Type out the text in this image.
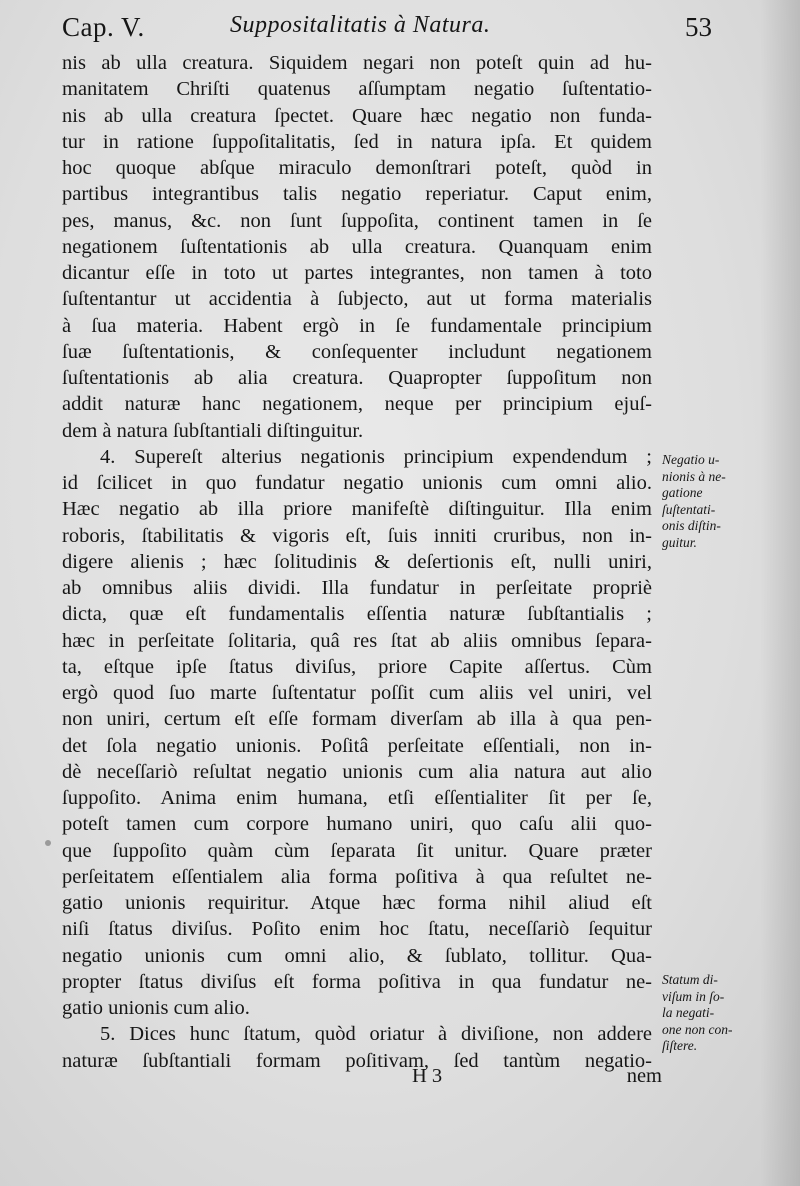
Cap. V.	Suppositalitatis à Natura.	53
nis ab ulla creatura. Siquidem negari non poteſt quin ad hu-
manitatem Chriſti quatenus aſſumptam negatio ſuſtentatio-
nis ab ulla creatura ſpectet. Quare hæc negatio non funda-
tur in ratione ſuppoſitalitatis, ſed in natura ipſa. Et quidem
hoc quoque abſque miraculo demonſtrari poteſt, quòd in
partibus integrantibus talis negatio reperiatur. Caput enim,
pes, manus, &c. non ſunt ſuppoſita, continent tamen in ſe
negationem ſuſtentationis ab ulla creatura. Quanquam enim
dicantur eſſe in toto ut partes integrantes, non tamen à toto
ſuſtentantur ut accidentia à ſubjecto, aut ut forma materialis
à ſua materia. Habent ergò in ſe fundamentale principium
ſuæ ſuſtentationis, & conſequenter includunt negationem
ſuſtentationis ab alia creatura. Quapropter ſuppoſitum non
addit naturæ hanc negationem, neque per principium ejuſ-
dem à natura ſubſtantiali diſtinguitur.
4. Supereſt alterius negationis principium expendendum ;
id ſcilicet in quo fundatur negatio unionis cum omni alio.
Hæc negatio ab illa priore manifeſtè diſtinguitur. Illa enim
roboris, ſtabilitatis & vigoris eſt, ſuis inniti cruribus, non in-
digere alienis ; hæc ſolitudinis & deſertionis eſt, nulli uniri,
ab omnibus aliis dividi. Illa fundatur in perſeitate propriè
dicta, quæ eſt fundamentalis eſſentia naturæ ſubſtantialis ;
hæc in perſeitate ſolitaria, quâ res ſtat ab aliis omnibus ſepara-
ta, eſtque ipſe ſtatus diviſus, priore Capite aſſertus. Cùm
ergò quod ſuo marte ſuſtentatur poſſit cum aliis vel uniri, vel
non uniri, certum eſt eſſe formam diverſam ab illa à qua pen-
det ſola negatio unionis. Poſitâ perſeitate eſſentiali, non in-
dè neceſſariò reſultat negatio unionis cum alia natura aut alio
ſuppoſito. Anima enim humana, etſi eſſentialiter ſit per ſe,
poteſt tamen cum corpore humano uniri, quo caſu alii quo-
que ſuppoſito quàm cùm ſeparata ſit unitur. Quare præter
perſeitatem eſſentialem alia forma poſitiva à qua reſultet ne-
gatio unionis requiritur. Atque hæc forma nihil aliud eſt
niſi ſtatus diviſus. Poſito enim hoc ſtatu, neceſſariò ſequitur
negatio unionis cum omni alio, & ſublato, tollitur. Qua-
propter ſtatus diviſus eſt forma poſitiva in qua fundatur ne-
gatio unionis cum alio.
5. Dices hunc ſtatum, quòd oriatur à diviſione, non addere
naturæ ſubſtantiali formam poſitivam, ſed tantùm negatio-
Negatio u-
nionis à ne-
gatione
ſuſtentati-
onis diſtin-
guitur.
Statum di-
viſum in ſo-
la negati-
one non con-
ſiſtere.
H 3	nem
